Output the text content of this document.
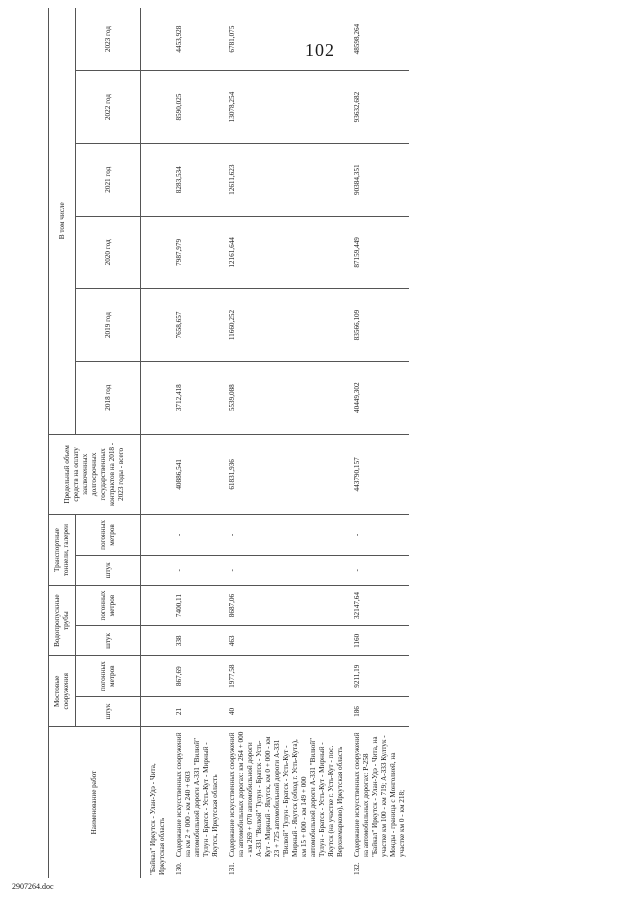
102
Наименование работ	Мостовые сооружения		Водопропускные трубы		Транспортные тоннели, галереи		Предельный объем средств на оплату заключенных долгосрочных государственных контрактов на 2018 - 2023 годы - всего	В том числе					
								2018 год	2019 год	2020 год	2021 год	2022 год	2023 год
	штук	погонных метров	штук	погонных метров	штук	погонных метров							
"Байкал" Иркутск - Улан-Удэ - Чита, Иркутская область													

130.
Содержание искусственных сооружений на км 2 + 000 - км 240 + 603 автомобильной дороги А-331 "Вилюй" Тулун - Братск - Усть-Кут - Мирный - Якутск, Иркутская область	21	867,69	338	7400,11	-	-	40886,541	3712,418	7658,657	7987,979	8283,534	8590,025	4453,928

131.
Содержание искусственных сооружений на автомобильных дорогах: км 264 + 000 - км 269 + 070 автомобильной дороги А-331 "Вилюй" Тулун - Братск - Усть-Кут - Мирный - Якутск, км 0 + 000 - км 23 + 725 автомобильной дороги А-331 "Вилюй" Тулун - Братск - Усть-Кут - Мирный - Якутск (обход г. Усть-Кута), км 15 + 000 - км 149 + 000 автомобильной дороги А-331 "Вилюй" Тулун - Братск - Усть-Кут - Мирный - Якутск (на участке г. Усть-Кут - пос. Верхнемарково), Иркутская область	40	1977,58	463	8687,06	-	-	61831,936	5539,088	11660,252	12161,644	12611,623	13078,254	6781,075

132.
Содержание искусственных сооружений на автомобильных дорогах: Р-258 "Байкал" Иркутск - Улан-Удэ - Чита, на участке км 100 - км 719; А-333 Култук - Монды - граница с Монголией, на участке км 0 - км 218;	186	9211,19	1160	32147,64	-	-	443790,157	40449,302	83566,109	87159,449	90384,351	93632,682	48598,264
2907264.doc
